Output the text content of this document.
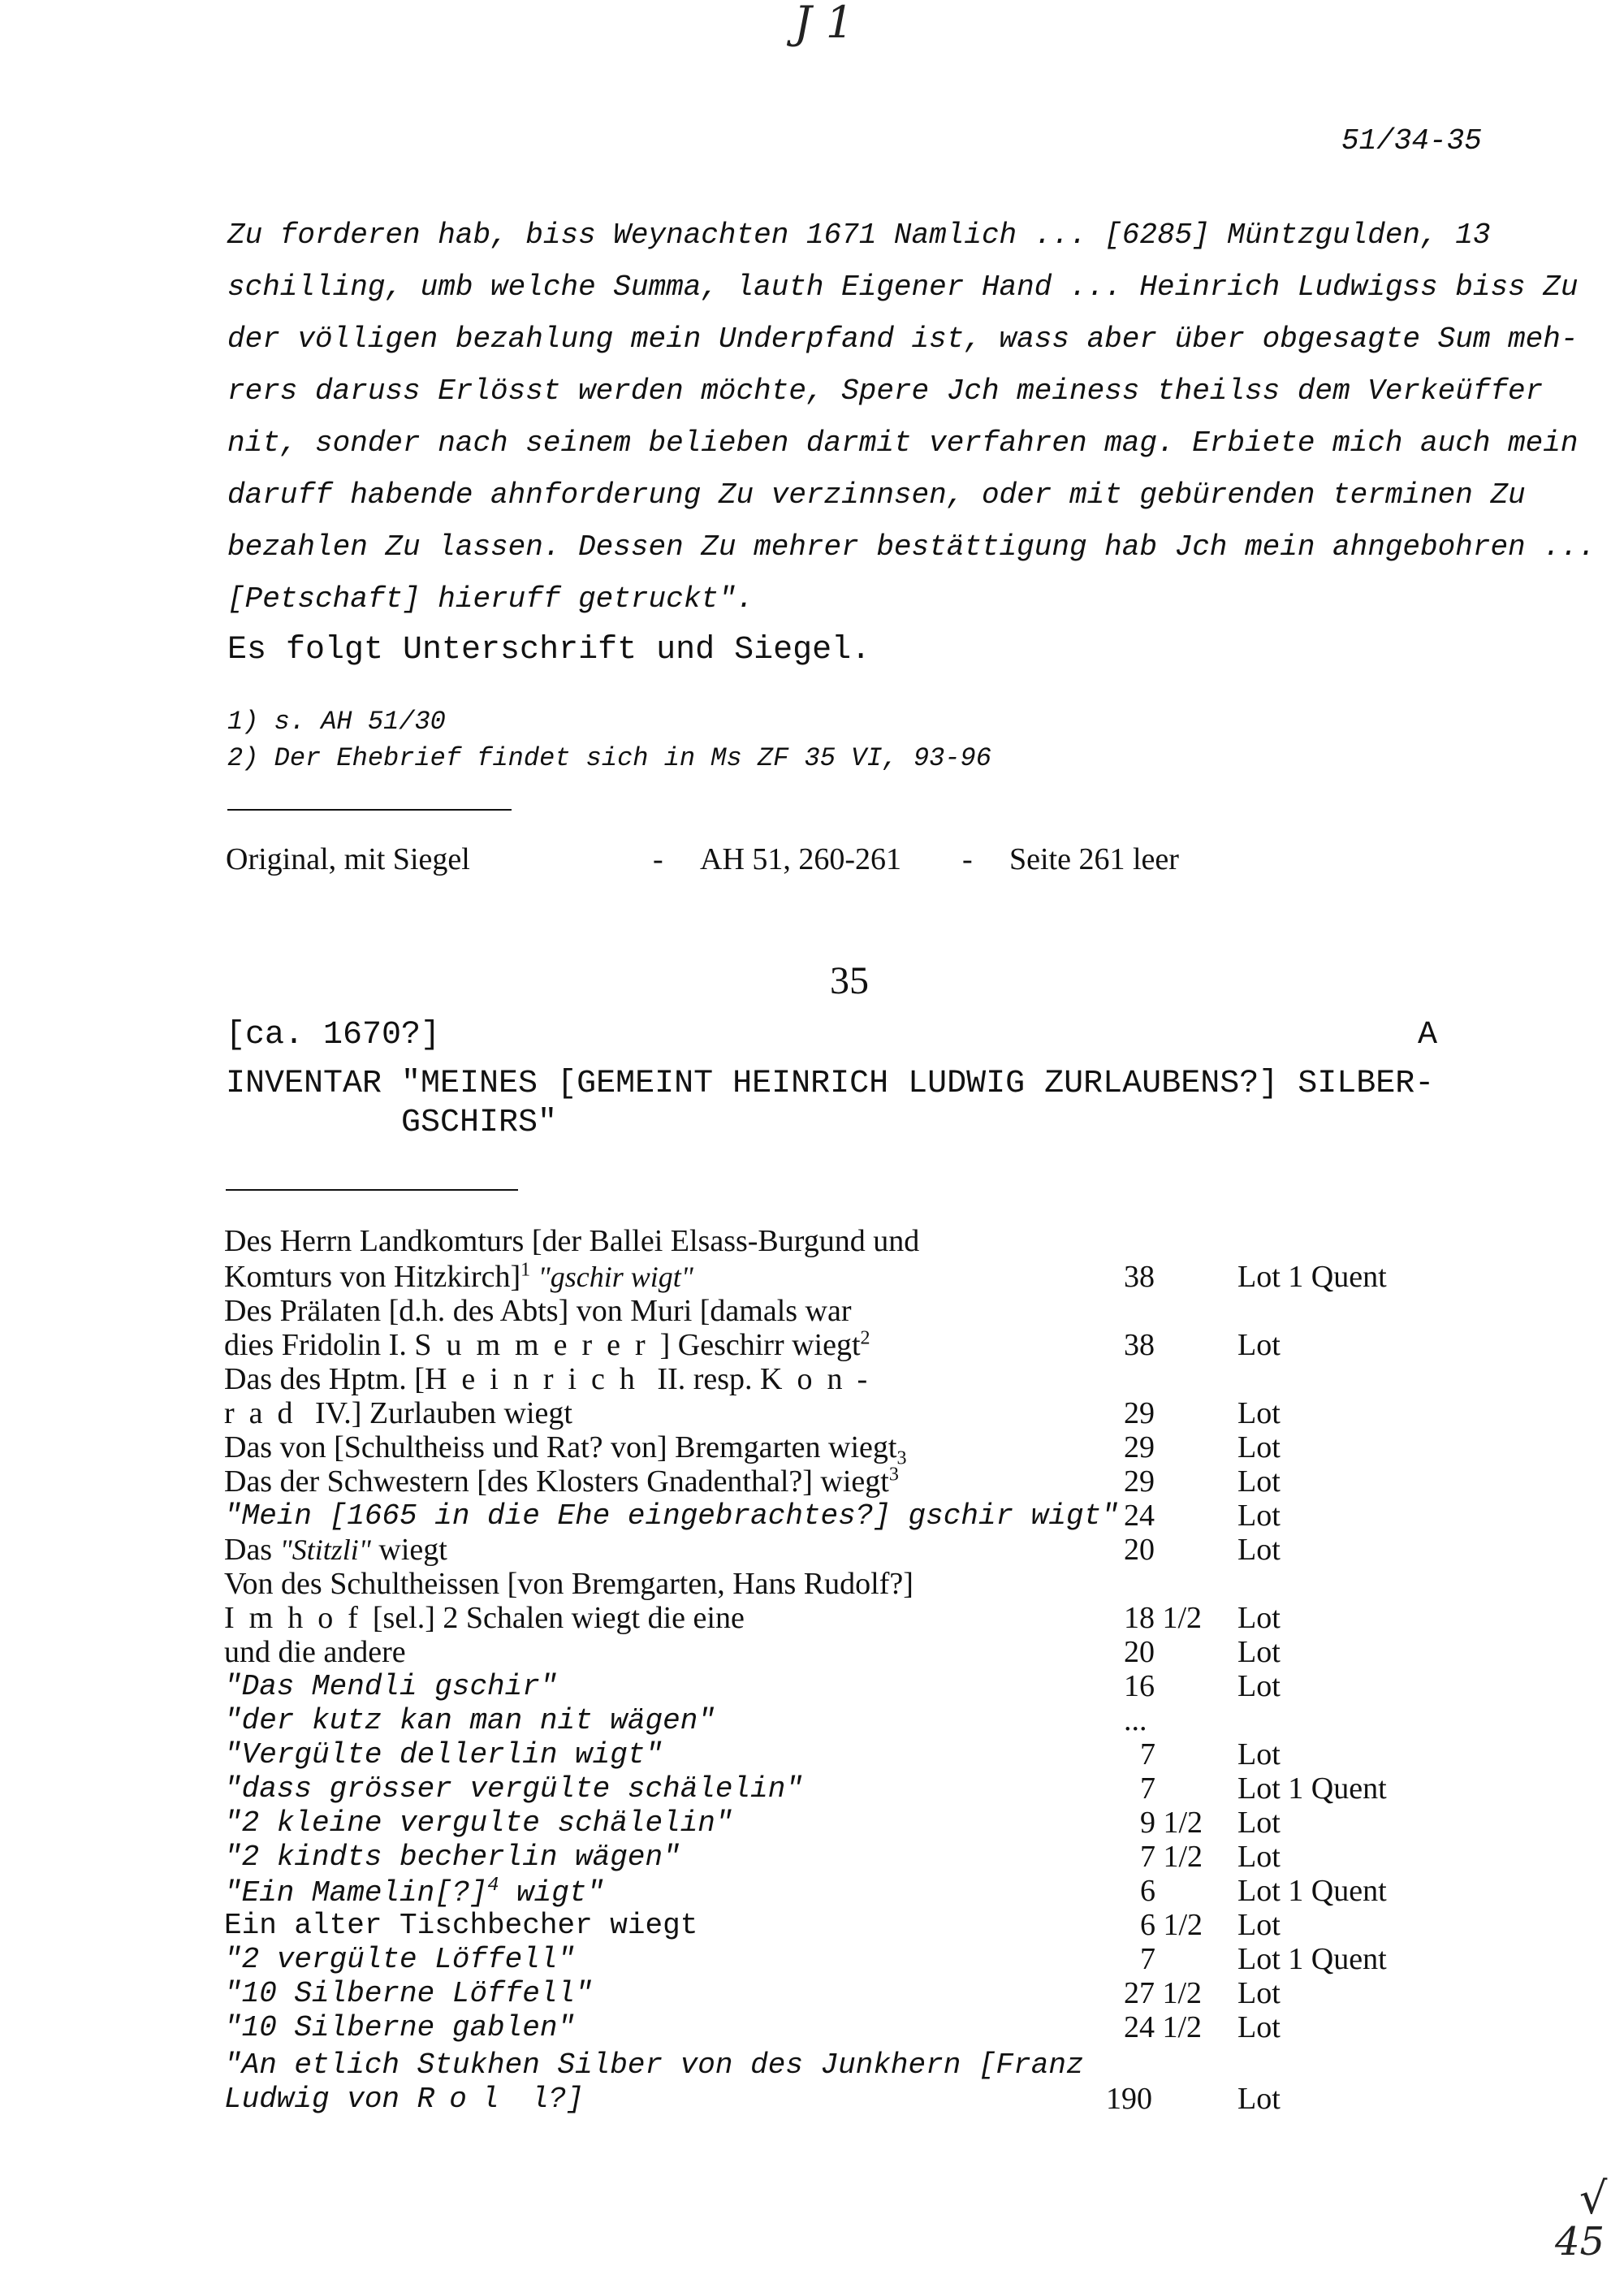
J 1
√
45
51/34-35
Zu forderen hab, biss Weynachten 1671 Namlich ... [6285] Müntzgulden, 13
schilling, umb welche Summa, lauth Eigener Hand ... Heinrich Ludwigss biss Zu
der völligen bezahlung mein Underpfand ist, wass aber über obgesagte Sum meh-
rers daruss Erlösst werden möchte, Spere Jch meiness theilss dem Verkeüffer
nit, sonder nach seinem belieben darmit verfahren mag. Erbiete mich auch mein
daruff habende ahnforderung Zu verzinnsen, oder mit gebürenden terminen Zu
bezahlen Zu lassen. Dessen Zu mehrer bestättigung hab Jch mein ahngebohren ...
[Petschaft] hieruff getruckt".
Es folgt Unterschrift und Siegel.
1) s. AH 51/30
2) Der Ehebrief findet sich in Ms ZF 35 VI, 93-96
Original, mit Siegel	- AH 51, 260-261 - Seite 261 leer
35
[ca. 1670?]	A
INVENTAR "MEINES [GEMEINT HEINRICH LUDWIG ZURLAUBENS?] SILBER-
GSCHIRS"
Des Herrn Landkomturs [der Ballei Elsass-Burgund und
Komturs von Hitzkirch]$^1$ "gschir wigt"	38	Lot 1 Quent
Des Prälaten [d.h. des Abts] von Muri [damals war
dies Fridolin I. Summerer] Geschirr wiegt$^2$	38	Lot
Das des Hptm. [Heinrich II. resp. Kon-
rad IV.] Zurlauben wiegt	29	Lot
Das von [Schultheiss und Rat? von] Bremgarten wiegt$_3$	29	Lot
Das der Schwestern [des Klosters Gnadenthal?] wiegt$^3$	29	Lot
"Mein [1665 in die Ehe eingebrachtes?] gschir wigt" 24	Lot
Das "Stitzli" wiegt	20	Lot
Von des Schultheissen [von Bremgarten, Hans Rudolf?]
Imhof[sel.] 2 Schalen wiegt die eine	18 1/2 Lot
und die andere	20	Lot
"Das Mendli gschir"	16	Lot
"der kutz kan man nit wägen"	...
"Vergülte dellerlin wigt"	7	Lot
"dass grösser vergülte schälelin"	7	Lot 1 Quent
"2 kleine vergulte schälelin"	9 1/2 Lot
"2 kindts becherlin wägen"	7 1/2 Lot
"Ein Mamelin[?]$^4$ wigt"	6	Lot 1 Quent
Ein alter Tischbecher wiegt	6 1/2 Lot
"2 vergülte Löffell"	7	Lot 1 Quent
"10 Silberne Löffell"	27 1/2 Lot
"10 Silberne gablen"	24 1/2 Lot
"An etlich Stukhen Silber von des Junkhern [Franz
Ludwig von Rol l?]	190	Lot
